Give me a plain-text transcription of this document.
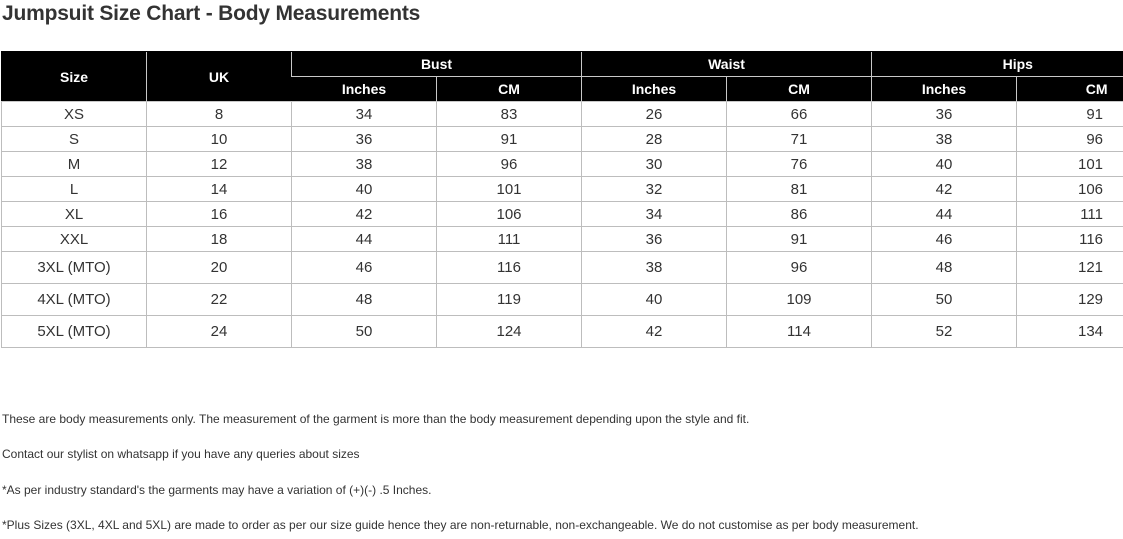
Jumpsuit Size Chart - Body Measurements
Size	UK	Bust		Waist		Hips	
		Inches	CM	Inches	CM	Inches	CM
XS	8	34	83	26	66	36	91
S	10	36	91	28	71	38	96
M	12	38	96	30	76	40	101
L	14	40	101	32	81	42	106
XL	16	42	106	34	86	44	111
XXL	18	44	111	36	91	46	116
3XL (MTO)	20	46	116	38	96	48	121
4XL (MTO)	22	48	119	40	109	50	129
5XL (MTO)	24	50	124	42	114	52	134

These are body measurements only. The measurement of the garment is more than the body measurement depending upon the style and fit.

Contact our stylist on whatsapp if you have any queries about sizes

*As per industry standard's the garments may have a variation of (+)(-) .5 Inches.

*Plus Sizes (3XL, 4XL and 5XL) are made to order as per our size guide hence they are non-returnable, non-exchangeable. We do not customise as per body measurement.
